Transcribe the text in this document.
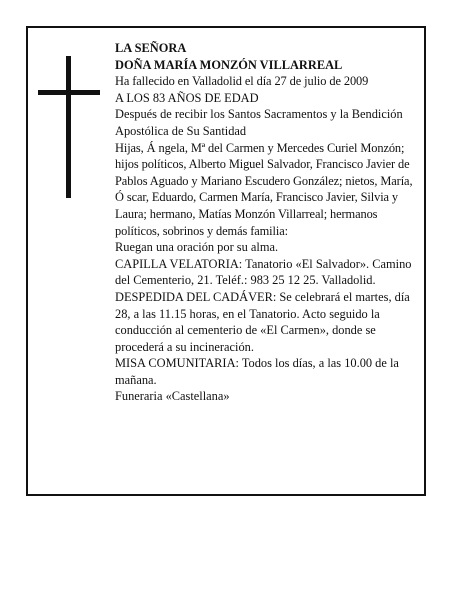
LA SEÑORA

DOÑA MARÍA MONZÓN VILLARREAL

Ha fallecido en Valladolid el día 27 de julio de 2009

A LOS 83 AÑOS DE EDAD

Después de recibir los Santos Sacramentos y la Bendición Apostólica de Su Santidad

Hijas, Á ngela, Mª del Carmen y Mercedes Curiel Monzón; hijos políticos, Alberto Miguel Salvador, Francisco Javier de Pablos Aguado y Mariano Escudero González; nietos, María, Ó scar, Eduardo, Carmen María, Francisco Javier, Silvia y Laura; hermano, Matías Monzón Villarreal; hermanos políticos, sobrinos y demás familia:

Ruegan una oración por su alma.

CAPILLA VELATORIA: Tanatorio «El Salvador». Camino del Cementerio, 21. Teléf.: 983 25 12 25. Valladolid.

DESPEDIDA DEL CADÁVER: Se celebrará el martes, día 28, a las 11.15 horas, en el Tanatorio. Acto seguido la conducción al cementerio de «El Carmen», donde se procederá a su incineración.

MISA COMUNITARIA: Todos los días, a las 10.00 de la mañana.

Funeraria «Castellana»
